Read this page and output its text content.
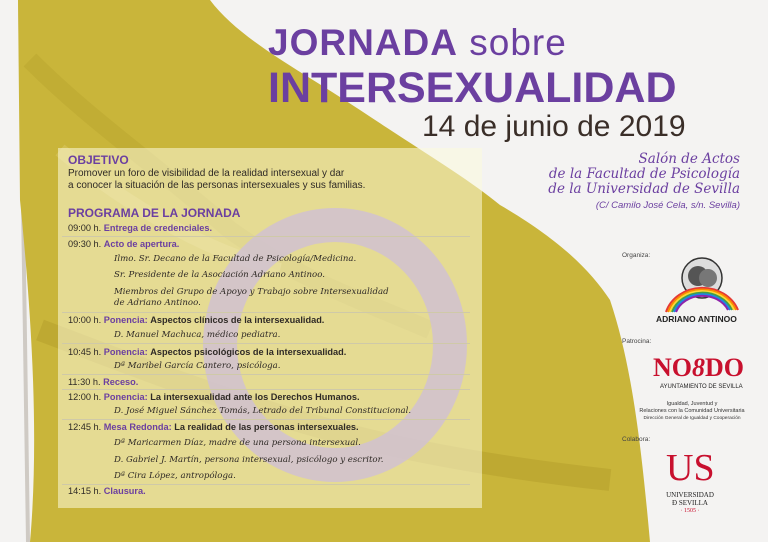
JORNADA sobre
INTERSEXUALIDAD
14 de junio de 2019
Salón de Actos
de la Facultad de Psicología
de la Universidad de Sevilla
(C/ Camilo José Cela, s/n. Sevilla)
OBJETIVO
Promover un foro de visibilidad de la realidad intersexual y dar
a conocer la situación de las personas intersexuales y sus familias.
PROGRAMA DE LA JORNADA
09:00 h. Entrega de credenciales.
09:30 h. Acto de apertura.
Ilmo. Sr. Decano de la Facultad de Psicología/Medicina.
Sr. Presidente de la Asociación Adriano Antinoo.
Miembros del Grupo de Apoyo y Trabajo sobre Intersexualidad
de Adriano Antinoo.
10:00 h. Ponencia: Aspectos clínicos de la intersexualidad.
D. Manuel Machuca, médico pediatra.
10:45 h. Ponencia: Aspectos psicológicos de la intersexualidad.
Dª Maribel García Cantero, psicóloga.
11:30 h. Receso.
12:00 h. Ponencia: La intersexualidad ante los Derechos Humanos.
D. José Miguel Sánchez Tomás, Letrado del Tribunal Constitucional.
12:45 h. Mesa Redonda: La realidad de las personas intersexuales.
Dª Maricarmen Díaz, madre de una persona intersexual.
D. Gabriel J. Martín, persona intersexual, psicólogo y escritor.
Dª Cira López, antropóloga.
14:15 h. Clausura.
Organiza:
ADRIANO ANTINOO
Patrocina:
NO8DO
AYUNTAMIENTO DE SEVILLA
Igualdad, Juventud y
Relaciones con la Comunidad Universitaria
Dirección General de Igualdad y Cooperación
Colabora:
US
UNIVERSIDAD
Ð SEVILLA
· 1505 ·
